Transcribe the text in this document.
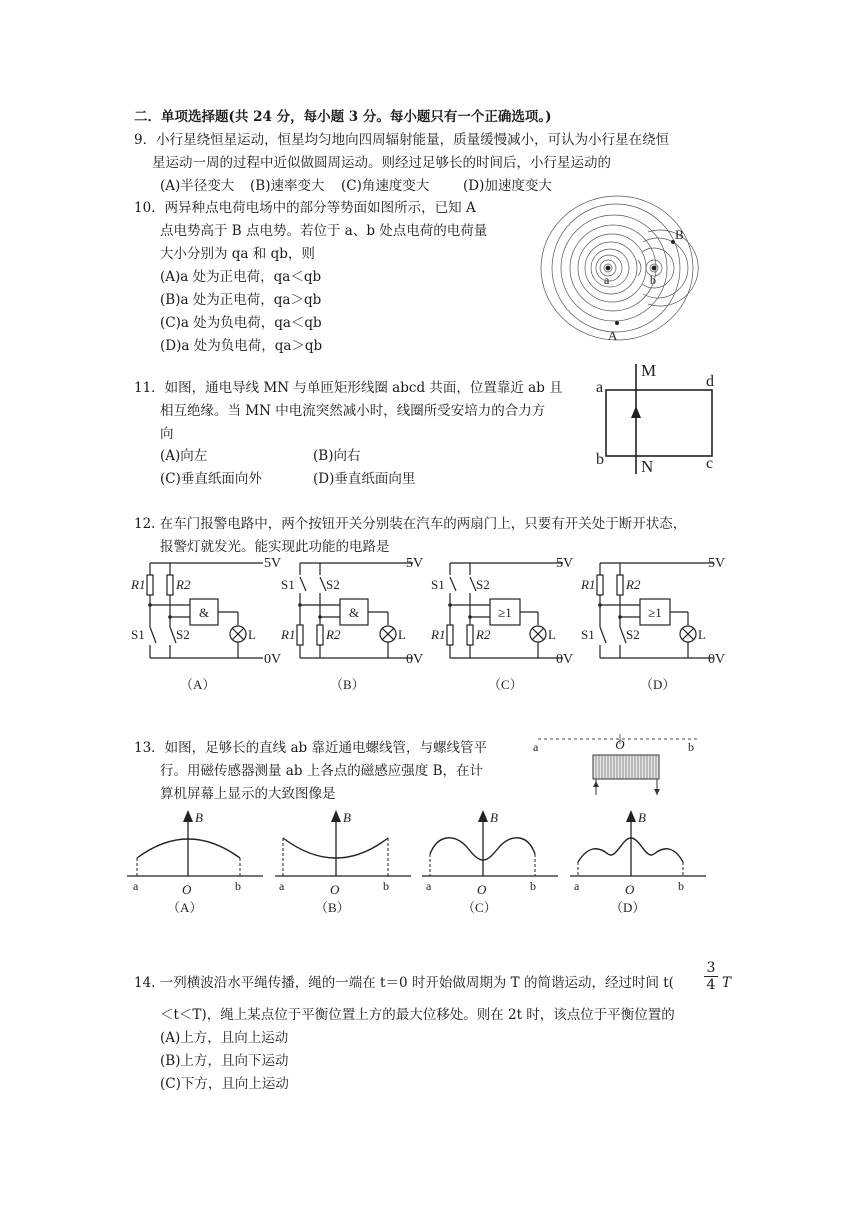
二．单项选择题(共 24 分，每小题 3 分。每小题只有一个正确选项。)
9．小行星绕恒星运动，恒星均匀地向四周辐射能量，质量缓慢减小，可认为小行星在绕恒
星运动一周的过程中近似做圆周运动。则经过足够长的时间后，小行星运动的
(A)半径变大 (B)速率变大 (C)角速度变大 (D)加速度变大
10．两异种点电荷电场中的部分等势面如图所示，已知 A
点电势高于 B 点电势。若位于 a、b 处点电荷的电荷量
大小分别为 qa 和 qb，则
(A)a 处为正电荷，qa＜qb
(B)a 处为正电荷，qa＞qb
(C)a 处为负电荷，qa＜qb
(D)a 处为负电荷，qa＞qb
B
A
a	b
11．如图，通电导线 MN 与单匝矩形线圈 abcd 共面，位置靠近 ab 且
相互绝缘。当 MN 中电流突然减小时，线圈所受安培力的合力方
向
(A)向左	(B)向右
(C)垂直纸面向外	(D)垂直纸面向里
M
N
a
b	c
d
12. 在车门报警电路中，两个按钮开关分别装在汽车的两扇门上，只要有开关处于断开状态，
报警灯就发光。能实现此功能的电路是
&
5V
0V
R1 R2
S1 S2	L
（A）
&
5V
0V
S1 S2
R1 R2	L
（B）
≥1
5V
0V
S1 S2
R1 R2	L
（C）
≥1
5V
0V
R1 R2
S1 S2	L
（D）
13．如图，足够长的直线 ab 靠近通电螺线管，与螺线管平
行。用磁传感器测量 ab 上各点的磁感应强度 B，在计
算机屏幕上显示的大致图像是
a	O	b
B
O
a	b
（A）
B
O
a	b
（B）
B
O
a	b
（C）
B
O
a	b
（D）
14. 一列横波沿水平绳传播，绳的一端在 t＝0 时开始做周期为 T 的简谐运动，经过时间 $t( \frac{3}{4}$ T
＜t＜T)，绳上某点位于平衡位置上方的最大位移处。则在 2t 时，该点位于平衡位置的
(A)上方，且向上运动
(B)上方，且向下运动
(C)下方，且向上运动
